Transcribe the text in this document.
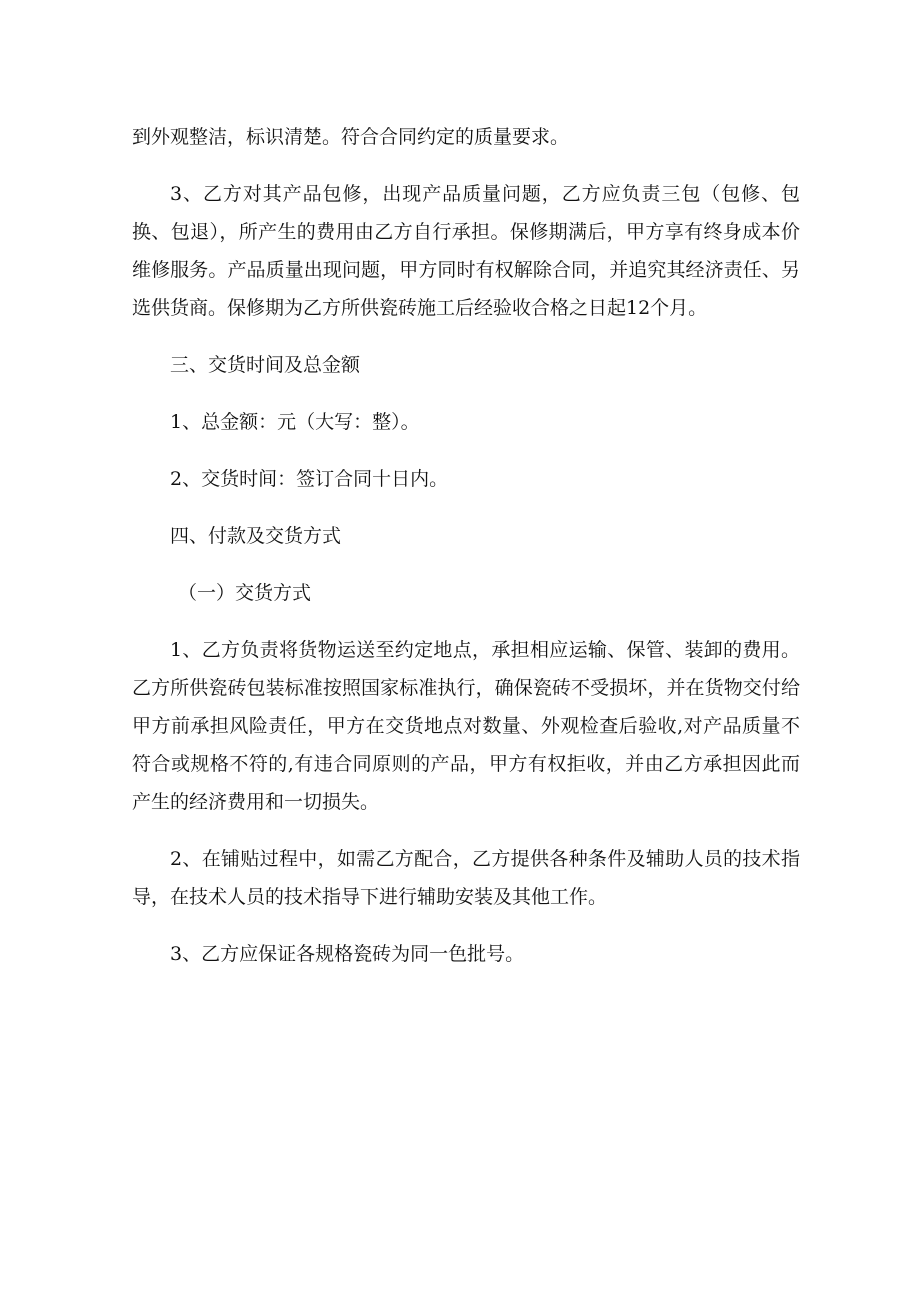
到外观整洁，标识清楚。符合合同约定的质量要求。

3、乙方对其产品包修，出现产品质量问题，乙方应负责三包（包修、包换、包退），所产生的费用由乙方自行承担。保修期满后，甲方享有终身成本价维修服务。产品质量出现问题，甲方同时有权解除合同，并追究其经济责任、另选供货商。保修期为乙方所供瓷砖施工后经验收合格之日起12个月。

三、交货时间及总金额

1、总金额：元（大写：整）。

2、交货时间：签订合同十日内。

四、付款及交货方式

（一）交货方式

1、乙方负责将货物运送至约定地点，承担相应运输、保管、装卸的费用。乙方所供瓷砖包装标准按照国家标准执行，确保瓷砖不受损坏，并在货物交付给甲方前承担风险责任，甲方在交货地点对数量、外观检查后验收,对产品质量不符合或规格不符的,有违合同原则的产品，甲方有权拒收，并由乙方承担因此而产生的经济费用和一切损失。

2、在铺贴过程中，如需乙方配合，乙方提供各种条件及辅助人员的技术指导，在技术人员的技术指导下进行辅助安装及其他工作。

3、乙方应保证各规格瓷砖为同一色批号。
